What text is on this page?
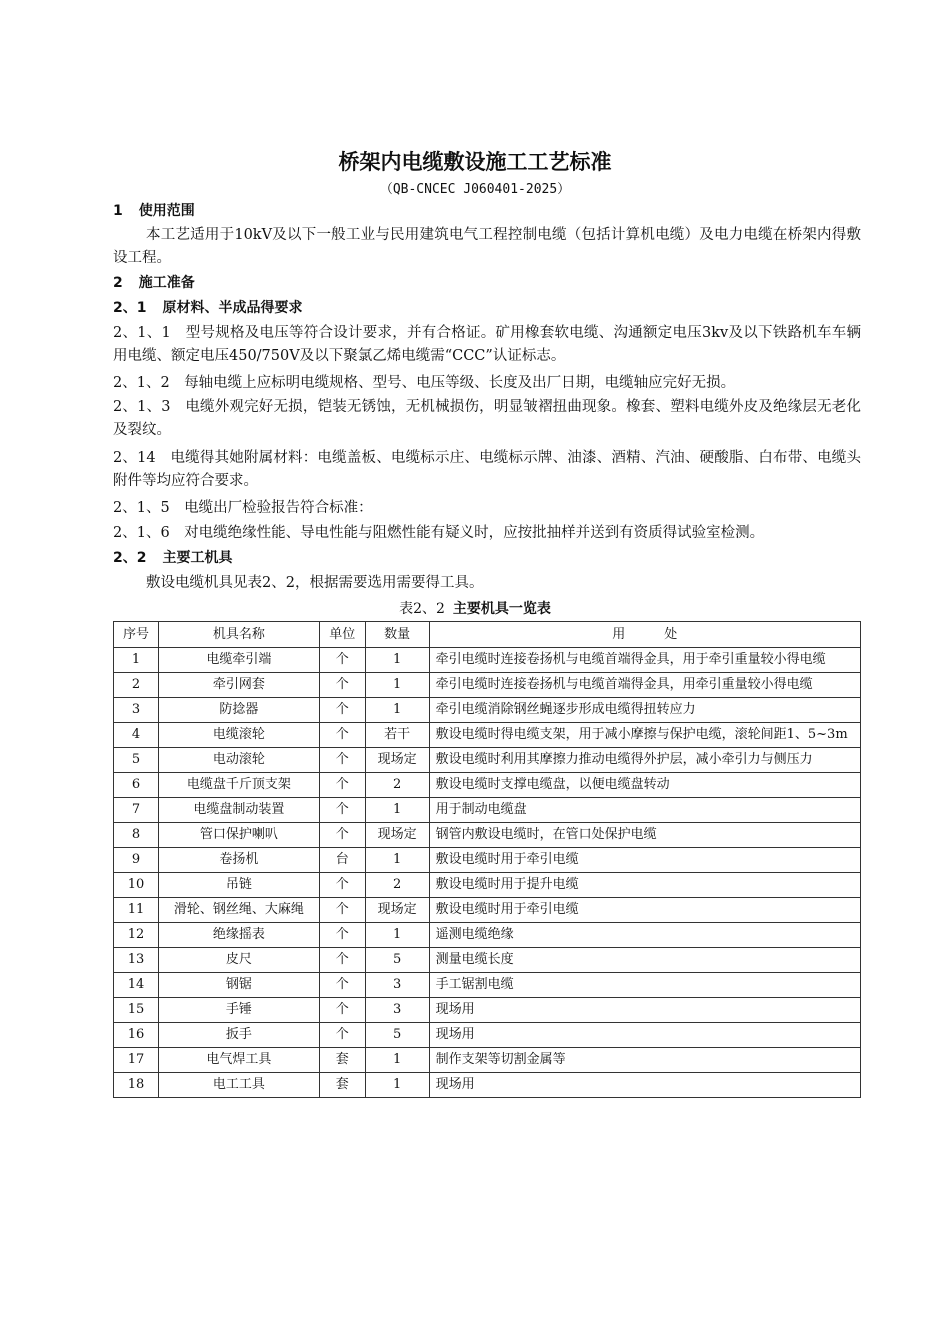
桥架内电缆敷设施工工艺标准
（QB-CNCEC J060401-2025）
1 使用范围
本工艺适用于10kV及以下一般工业与民用建筑电气工程控制电缆（包括计算机电缆）及电力电缆在桥架内得敷设工程。
2 施工准备
2、1 原材料、半成品得要求
2、1、1　型号规格及电压等符合设计要求，并有合格证。矿用橡套软电缆、沟通额定电压3kv及以下铁路机车车辆用电缆、额定电压450/750V及以下聚氯乙烯电缆需“CCC”认证标志。
2、1、2　每轴电缆上应标明电缆规格、型号、电压等级、长度及出厂日期，电缆轴应完好无损。
2、1、3　电缆外观完好无损，铠装无锈蚀，无机械损伤，明显皱褶扭曲现象。橡套、塑料电缆外皮及绝缘层无老化及裂纹。
2、14　电缆得其她附属材料：电缆盖板、电缆标示庄、电缆标示牌、油漆、酒精、汽油、硬酸脂、白布带、电缆头附件等均应符合要求。
2、1、5　电缆出厂检验报告符合标准：
2、1、6　对电缆绝缘性能、导电性能与阻燃性能有疑义时，应按批抽样并送到有资质得试验室检测。
2、2 主要工机具
敷设电缆机具见表2、2，根据需要选用需要得工具。
表2、2 主要机具一览表
序号	机具名称	单位	数量	用　　　处
1	电缆牵引端	个	1	牵引电缆时连接卷扬机与电缆首端得金具，用于牵引重量较小得电缆
2	牵引网套	个	1	牵引电缆时连接卷扬机与电缆首端得金具，用牵引重量较小得电缆
3	防捻器	个	1	牵引电缆消除钢丝蝇逐步形成电缆得扭转应力
4	电缆滚轮	个	若干	敷设电缆时得电缆支架，用于减小摩擦与保护电缆，滚轮间距1、5~3m
5	电动滚轮	个	现场定	敷设电缆时利用其摩擦力推动电缆得外护层，减小牵引力与侧压力
6	电缆盘千斤顶支架	个	2	敷设电缆时支撑电缆盘，以便电缆盘转动
7	电缆盘制动装置	个	1	用于制动电缆盘
8	管口保护喇叭	个	现场定	钢管内敷设电缆时，在管口处保护电缆
9	卷扬机	台	1	敷设电缆时用于牵引电缆
10	吊链	个	2	敷设电缆时用于提升电缆
11	滑轮、钢丝绳、大麻绳	个	现场定	敷设电缆时用于牵引电缆
12	绝缘摇表	个	1	遥测电缆绝缘
13	皮尺	个	5	测量电缆长度
14	钢锯	个	3	手工锯割电缆
15	手锤	个	3	现场用
16	扳手	个	5	现场用
17	电气焊工具	套	1	制作支架等切割金属等
18	电工工具	套	1	现场用
